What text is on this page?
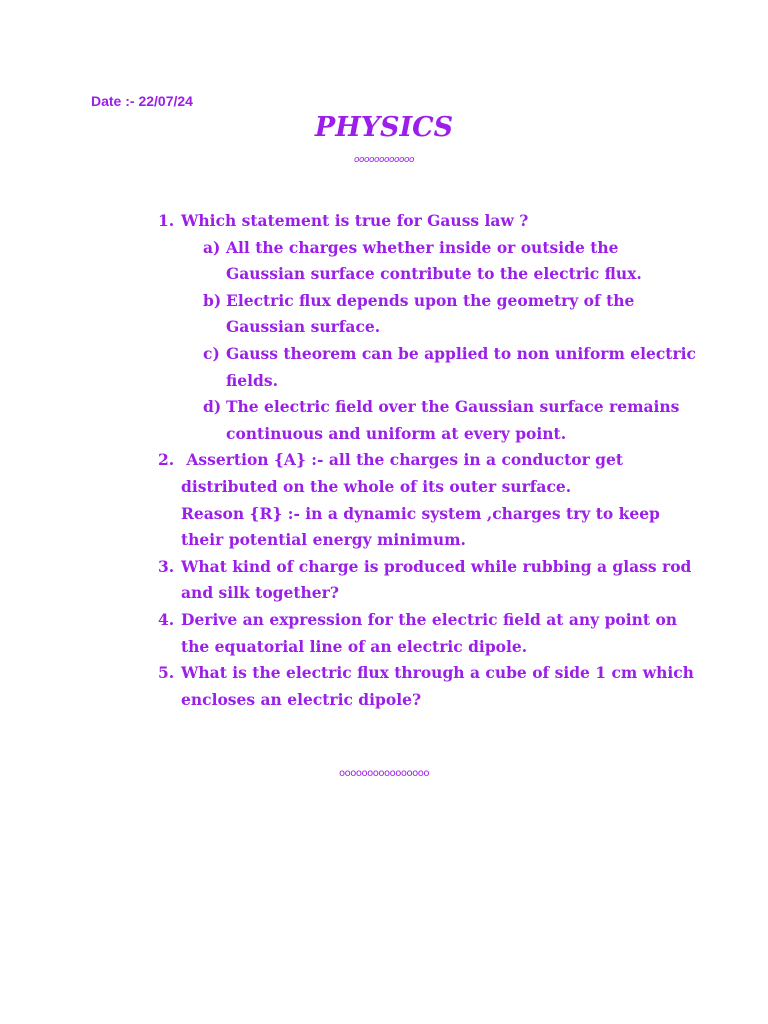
Date :- 22/07/24
PHYSICS
oooooooooooo
1. Which statement is true for Gauss law ?
a) All the charges whether inside or outside the
Gaussian surface contribute to the electric flux.
b) Electric flux depends upon the geometry of the
Gaussian surface.
c) Gauss theorem can be applied to non uniform electric
fields.
d) The electric field over the Gaussian surface remains
continuous and uniform at every point.
2. Assertion {A} :- all the charges in a conductor get
distributed on the whole of its outer surface.
Reason {R} :- in a dynamic system ,charges try to keep
their potential energy minimum.
3. What kind of charge is produced while rubbing a glass rod
and silk together?
4. Derive an expression for the electric field at any point on
the equatorial line of an electric dipole.
5. What is the electric flux through a cube of side 1 cm which
encloses an electric dipole?
oooooooooooooooo
